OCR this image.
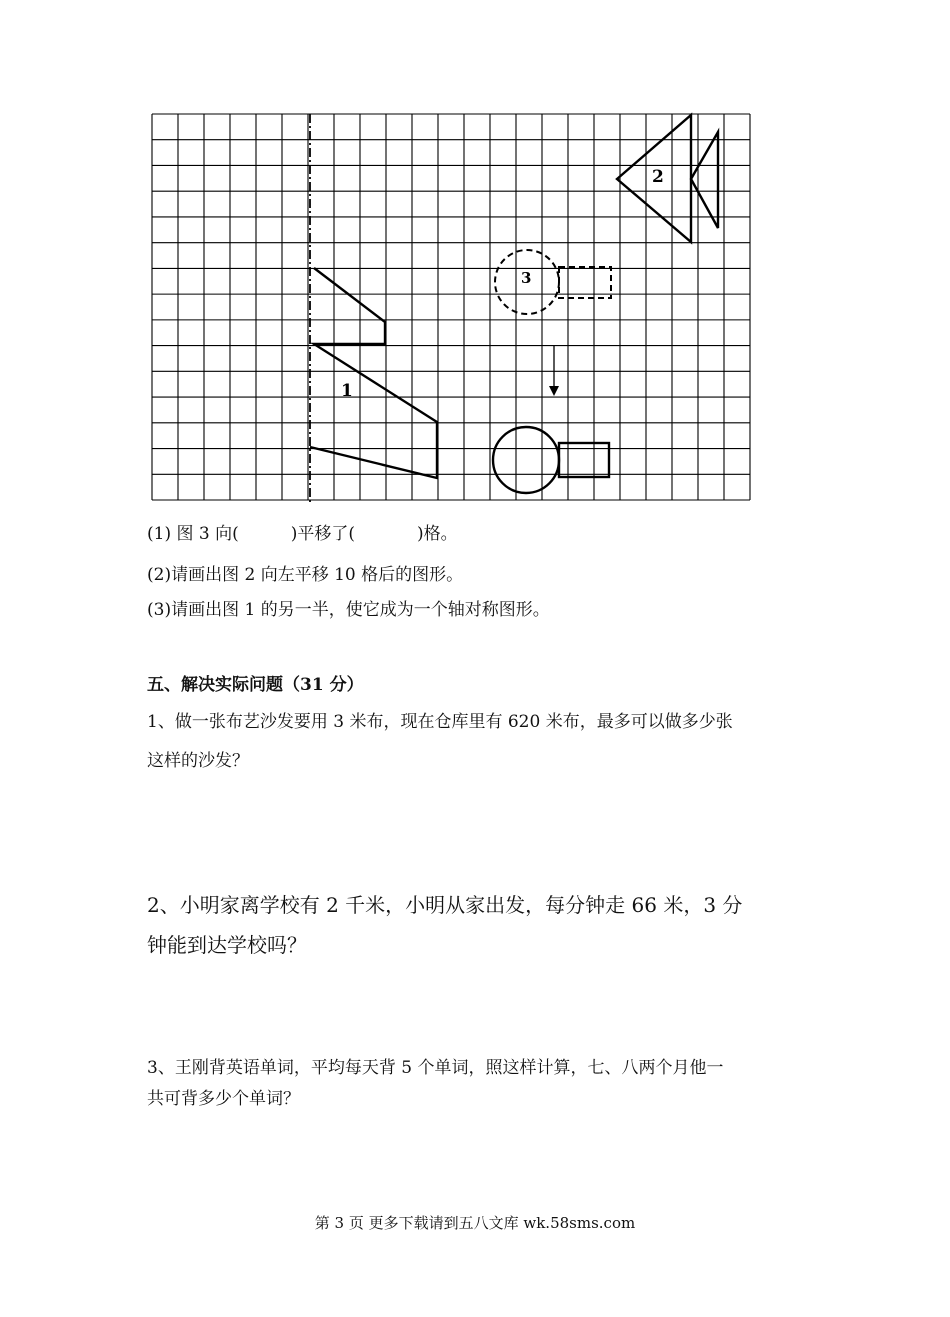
1
2
3
(1) 图 3 向(	)平移了(	)格。
(2)请画出图 2 向左平移 10 格后的图形。
(3)请画出图 1 的另一半，使它成为一个轴对称图形。
五、解决实际问题（31 分）
1、做一张布艺沙发要用 3 米布，现在仓库里有 620 米布，最多可以做多少张
这样的沙发？
2、小明家离学校有 2 千米，小明从家出发，每分钟走 66 米，3 分
钟能到达学校吗？
3、王刚背英语单词，平均每天背 5 个单词，照这样计算，七、八两个月他一
共可背多少个单词？
第 3 页 更多下载请到五八文库 wk.58sms.com
